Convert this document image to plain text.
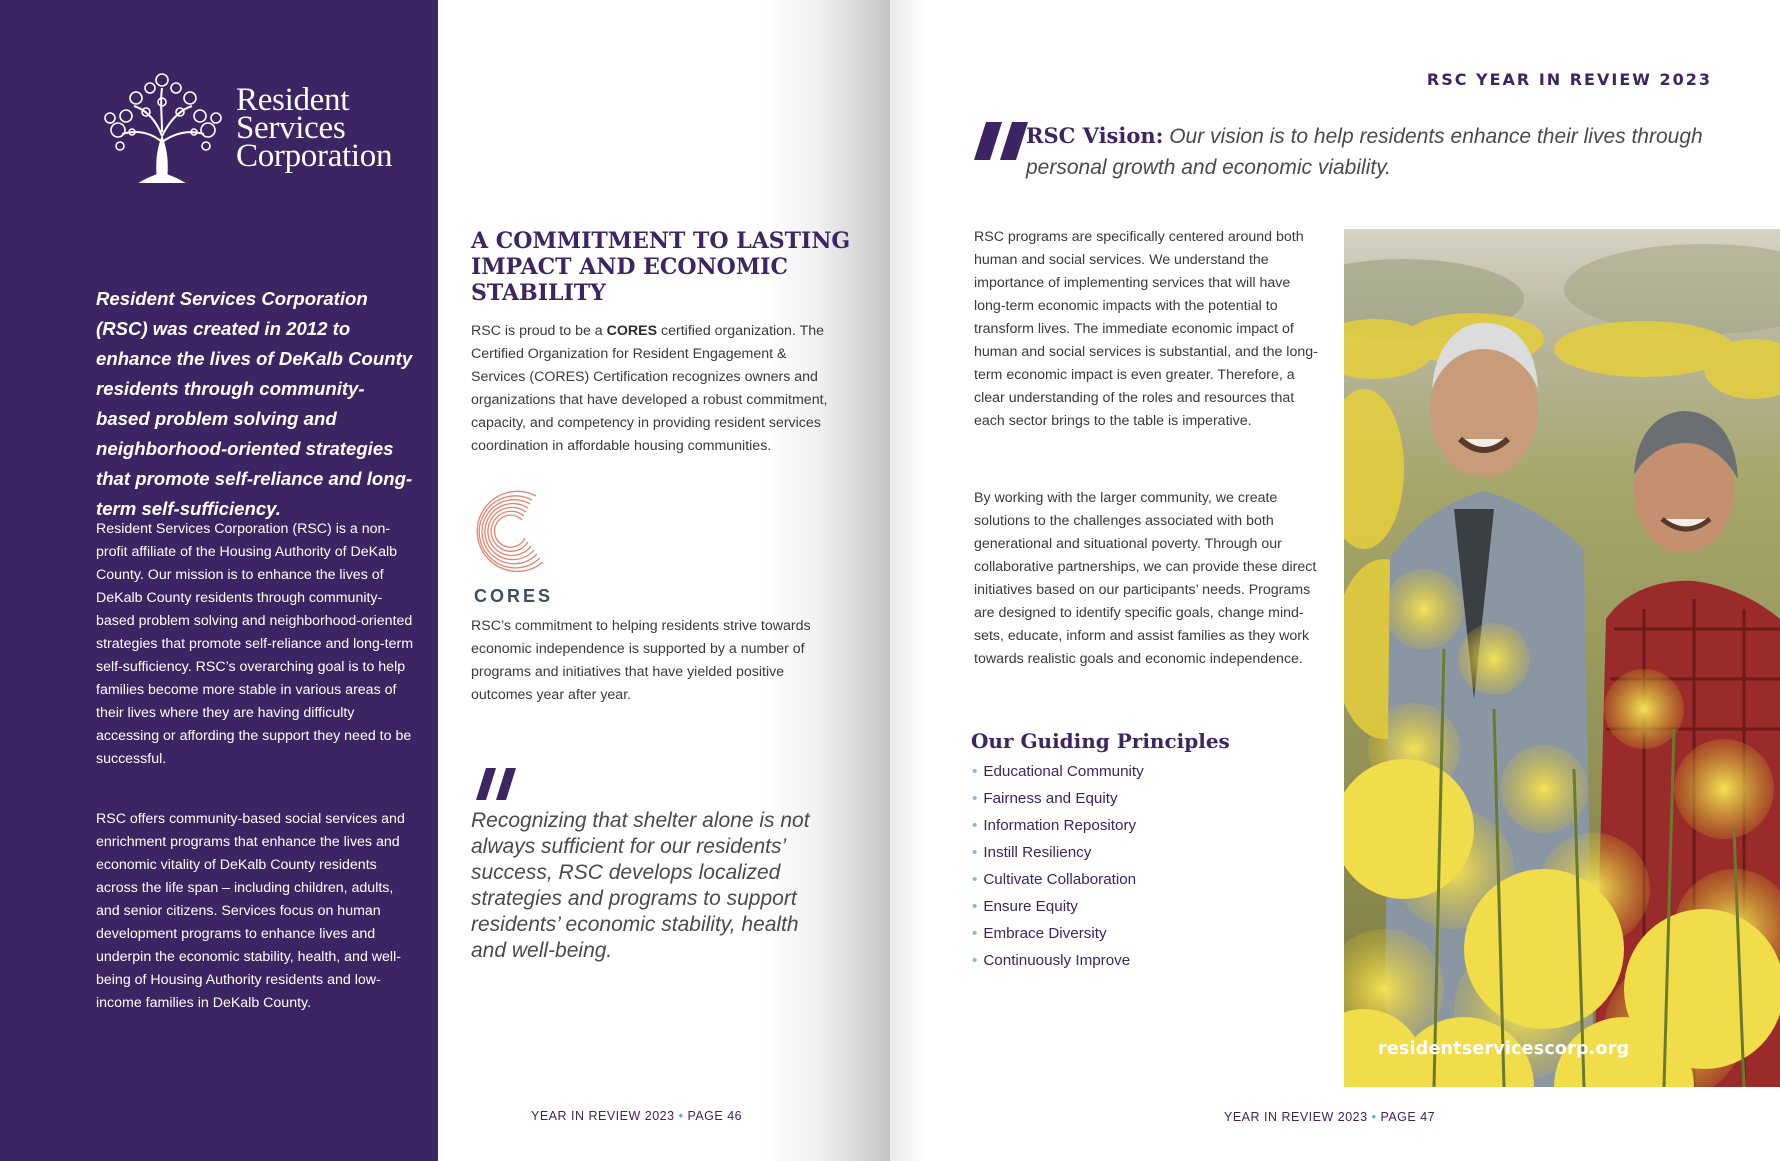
Resident
Services
Corporation

Resident Services Corporation (RSC) was created in 2012 to enhance the lives of DeKalb County residents through community-based problem solving and neighborhood-oriented strategies that promote self-reliance and long-term self-sufficiency.

Resident Services Corporation (RSC) is a non-profit affiliate of the Housing Authority of DeKalb County. Our mission is to enhance the lives of DeKalb County residents through community-based problem solving and neighborhood-oriented strategies that promote self-reliance and long-term self-sufficiency. RSC’s overarching goal is to help families become more stable in various areas of their lives where they are having difficulty accessing or affording the support they need to be successful.

RSC offers community-based social services and enrichment programs that enhance the lives and economic vitality of DeKalb County residents across the life span – including children, adults, and senior citizens. Services focus on human development programs to enhance lives and underpin the economic stability, health, and well-being of Housing Authority residents and low-income families in DeKalb County.

A COMMITMENT TO LASTING IMPACT AND ECONOMIC STABILITY

RSC is proud to be a CORES certified organization. The Certified Organization for Resident Engagement & Services (CORES) Certification recognizes owners and organizations that have developed a robust commitment, capacity, and competency in providing resident services coordination in affordable housing communities.

CORES

RSC’s commitment to helping residents strive towards economic independence is supported by a number of programs and initiatives that have yielded positive outcomes year after year.

Recognizing that shelter alone is not always sufficient for our residents’ success, RSC develops localized strategies and programs to support residents’ economic stability, health and well-being.

YEAR IN REVIEW 2023 • PAGE 46
RSC YEAR IN REVIEW 2023

RSC Vision: Our vision is to help residents enhance their lives through personal growth and economic viability.

RSC programs are specifically centered around both human and social services. We understand the importance of implementing services that will have long-term economic impacts with the potential to transform lives. The immediate economic impact of human and social services is substantial, and the long-term economic impact is even greater. Therefore, a clear understanding of the roles and resources that each sector brings to the table is imperative.

By working with the larger community, we create solutions to the challenges associated with both generational and situational poverty. Through our collaborative partnerships, we can provide these direct initiatives based on our participants’ needs. Programs are designed to identify specific goals, change mind-sets, educate, inform and assist families as they work towards realistic goals and economic independence.

Our Guiding Principles
• Educational Community
• Fairness and Equity
• Information Repository
• Instill Resiliency
• Cultivate Collaboration
• Ensure Equity
• Embrace Diversity
• Continuously Improve
residentservicescorp.org
YEAR IN REVIEW 2023 • PAGE 47
